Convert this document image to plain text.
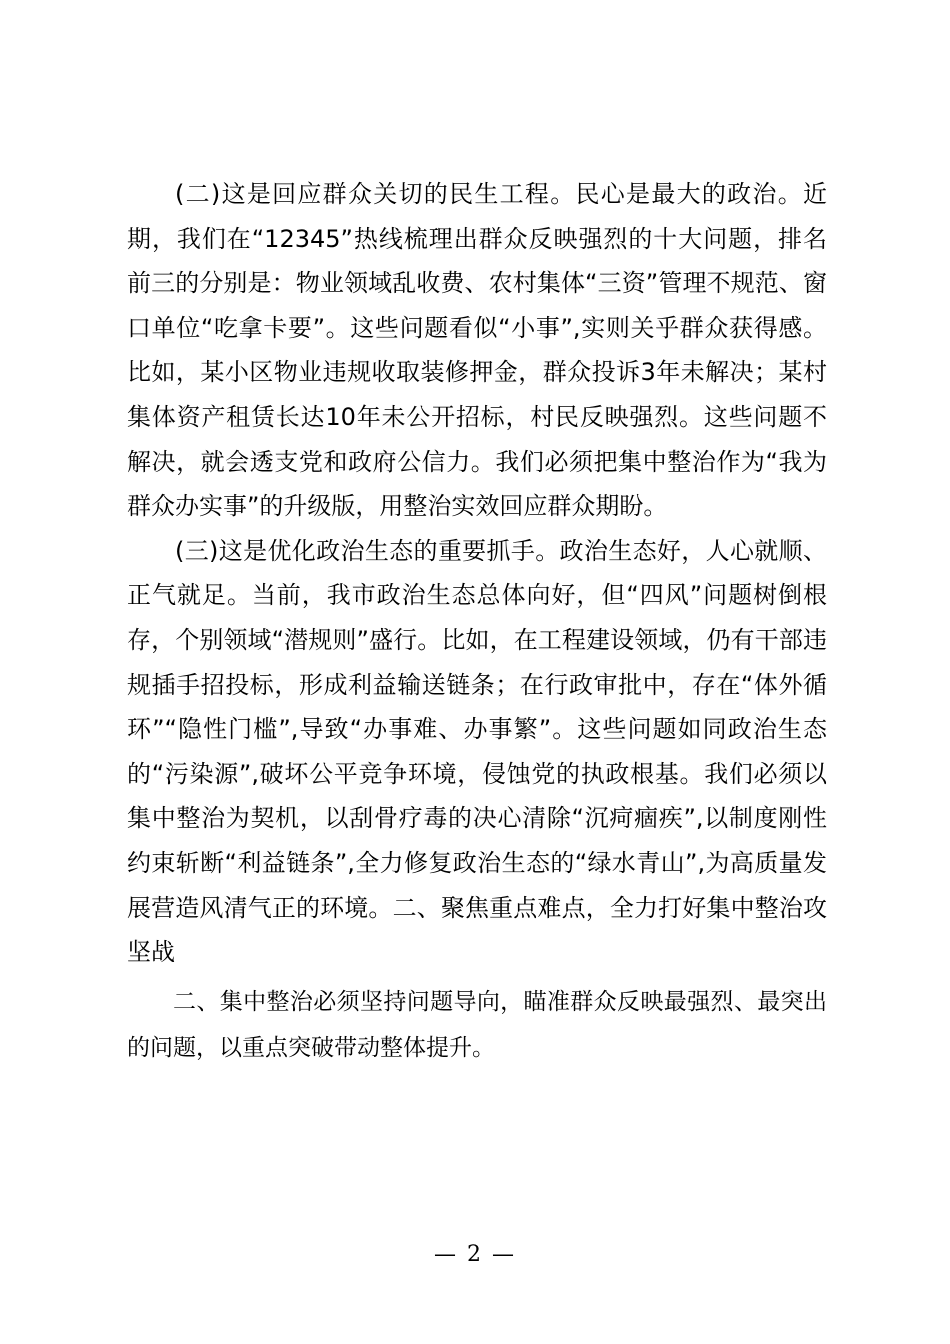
(二)这是回应群众关切的民生工程。民心是最大的政治。近期，我们在“12345”热线梳理出群众反映强烈的十大问题，排名前三的分别是：物业领域乱收费、农村集体“三资”管理不规范、窗口单位“吃拿卡要”。这些问题看似“小事”,实则关乎群众获得感。比如，某小区物业违规收取装修押金，群众投诉3年未解决；某村集体资产租赁长达10年未公开招标，村民反映强烈。这些问题不解决，就会透支党和政府公信力。我们必须把集中整治作为“我为群众办实事”的升级版，用整治实效回应群众期盼。

(三)这是优化政治生态的重要抓手。政治生态好，人心就顺、正气就足。当前，我市政治生态总体向好，但“四风”问题树倒根存，个别领域“潜规则”盛行。比如，在工程建设领域，仍有干部违规插手招投标，形成利益输送链条；在行政审批中，存在“体外循环”“隐性门槛”,导致“办事难、办事繁”。这些问题如同政治生态的“污染源”,破坏公平竞争环境，侵蚀党的执政根基。我们必须以集中整治为契机，以刮骨疗毒的决心清除“沉疴痼疾”,以制度刚性约束斩断“利益链条”,全力修复政治生态的“绿水青山”,为高质量发展营造风清气正的环境。二、聚焦重点难点，全力打好集中整治攻坚战

二、集中整治必须坚持问题导向，瞄准群众反映最强烈、最突出的问题，以重点突破带动整体提升。

— 2 —
